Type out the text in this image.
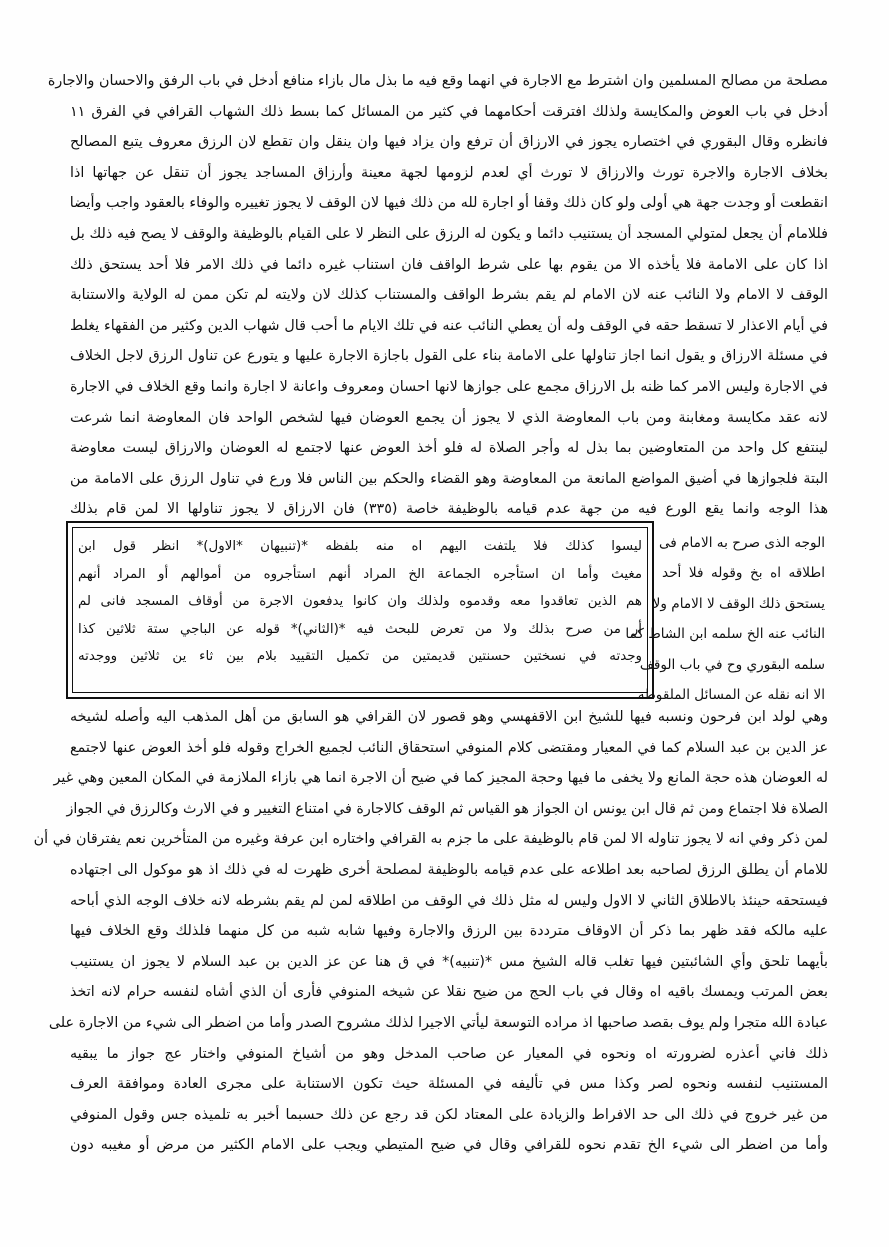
مصلحة من مصالح المسلمين وان اشترط مع الاجارة في انهما وقع فيه ما بذل مال بازاء منافع أدخل في باب الرفق والاحسان والاجارة
أدخل في باب العوض والمكايسة ولذلك افترقت أحكامهما في كثير من المسائل كما بسط ذلك الشهاب القرافي في الفرق ١١
فانظره وقال البقوري في اختصاره يجوز في الارزاق أن ترفع وان يزاد فيها وان ينقل وان تقطع لان الرزق معروف يتبع المصالح
بخلاف الاجارة والاجرة تورث والارزاق لا تورث أي لعدم لزومها لجهة معينة وأرزاق المساجد يجوز أن تنقل عن جهاتها اذا
انقطعت أو وجدت جهة هي أولى ولو كان ذلك وقفا أو اجارة لله من ذلك فيها لان الوقف لا يجوز تغييره والوفاء بالعقود واجب وأيضا
فللامام أن يجعل لمتولي المسجد أن يستنيب دائما و يكون له الرزق على النظر لا على القيام بالوظيفة والوقف لا يصح فيه ذلك بل
اذا كان على الامامة فلا يأخذه الا من يقوم بها على شرط الواقف فان استناب غيره دائما في ذلك الامر فلا أحد يستحق ذلك
الوقف لا الامام ولا النائب عنه لان الامام لم يقم بشرط الواقف والمستناب كذلك لان ولايته لم تكن ممن له الولاية والاستنابة
في أيام الاعذار لا تسقط حقه في الوقف وله أن يعطي النائب عنه في تلك الايام ما أحب قال شهاب الدين وكثير من الفقهاء يغلط
في مسئلة الارزاق و يقول انما اجاز تناولها على الامامة بناء على القول باجازة الاجارة عليها و يتورع عن تناول الرزق لاجل الخلاف
في الاجارة وليس الامر كما ظنه بل الارزاق مجمع على جوازها لانها احسان ومعروف واعانة لا اجارة وانما وقع الخلاف في الاجارة
لانه عقد مكايسة ومغابنة ومن باب المعاوضة الذي لا يجوز أن يجمع العوضان فيها لشخص الواحد فان المعاوضة انما شرعت
لينتفع كل واحد من المتعاوضين بما بذل له وأجر الصلاة له فلو أخذ العوض عنها لاجتمع له العوضان والارزاق ليست معاوضة
البتة فلجوازها في أضيق المواضع المانعة من المعاوضة وهو القضاء والحكم بين الناس فلا ورع في تناول الرزق على الامامة من
هذا الوجه وانما يقع الورع فيه من جهة عدم قيامه بالوظيفة خاصة (٣٣٥) فان الارزاق لا يجوز تناولها الا لمن قام بذلك
الوجه الذى صرح به الامام فى
اطلاقه اه بخ وقوله فلا أحد
يستحق ذلك الوقف لا الامام ولا
النائب عنه الخ سلمه ابن الشاط كما
سلمه البقوري وح في باب الوقف
الا انه نقله عن المسائل الملقوطة
ليسوا كذلك فلا يلتفت اليهم اه منه بلفظه *(تنبيهان *الاول)* انظر قول ابن
مغيث وأما ان استأجره الجماعة الخ المراد أنهم استأجروه من أموالهم أو المراد أنهم
هم الذين تعاقدوا معه وقدموه ولذلك وان كانوا يدفعون الاجرة من أوقاف المسجد فانى لم
أر من صرح بذلك ولا من تعرض للبحث فيه *(الثاني)* قوله عن الباجي ستة ثلاثين كذا
وجدته في نسختين حسنتين قديمتين من تكميل التقييد بلام بين ثاء ين ثلاثين ووجدته
وهي لولد ابن فرحون ونسبه فيها للشيخ ابن الاقفهسي وهو قصور لان القرافي هو السابق من أهل المذهب اليه وأصله لشيخه
عز الدين بن عبد السلام كما في المعيار ومقتضى كلام المنوفي استحقاق النائب لجميع الخراج وقوله فلو أخذ العوض عنها لاجتمع
له العوضان هذه حجة المانع ولا يخفى ما فيها وحجة المجيز كما في ضيح أن الاجرة انما هي بازاء الملازمة في المكان المعين وهي غير
الصلاة فلا اجتماع ومن ثم قال ابن يونس ان الجواز هو القياس ثم الوقف كالاجارة في امتناع التغيير و في الارث وكالرزق في الجواز
لمن ذكر وفي انه لا يجوز تناوله الا لمن قام بالوظيفة على ما جزم به القرافي واختاره ابن عرفة وغيره من المتأخرين نعم يفترقان في أن
للامام أن يطلق الرزق لصاحبه بعد اطلاعه على عدم قيامه بالوظيفة لمصلحة أخرى ظهرت له في ذلك اذ هو موكول الى اجتهاده
فيستحقه حينئذ بالاطلاق الثاني لا الاول وليس له مثل ذلك في الوقف من اطلاقه لمن لم يقم بشرطه لانه خلاف الوجه الذي أباحه
عليه مالكه فقد ظهر بما ذكر أن الاوقاف مترددة بين الرزق والاجارة وفيها شابه شبه من كل منهما فلذلك وقع الخلاف فيها
بأيهما تلحق وأي الشائبتين فيها تغلب قاله الشيخ مس *(تنبيه)* في ق هنا عن عز الدين بن عبد السلام لا يجوز ان يستنيب
بعض المرتب ويمسك باقيه اه وقال في باب الحج من ضيح نقلا عن شيخه المنوفي فأرى أن الذي أشاه لنفسه حرام لانه اتخذ
عبادة الله متجرا ولم يوف بقصد صاحبها اذ مراده التوسعة ليأتي الاجيرا لذلك مشروح الصدر وأما من اضطر الى شيء من الاجارة على
ذلك فاني أعذره لضرورته اه ونحوه في المعيار عن صاحب المدخل وهو من أشياخ المنوفي واختار عج جواز ما يبقيه
المستنيب لنفسه ونحوه لصر وكذا مس في تأليفه في المسئلة حيث تكون الاستنابة على مجرى العادة وموافقة العرف
من غير خروج في ذلك الى حد الافراط والزيادة على المعتاد لكن قد رجع عن ذلك حسبما أخبر به تلميذه جس وقول المنوفي
وأما من اضطر الى شيء الخ تقدم نحوه للقرافي وقال في ضيح المتيطي ويجب على الامام الكثير من مرض أو مغيبه دون
